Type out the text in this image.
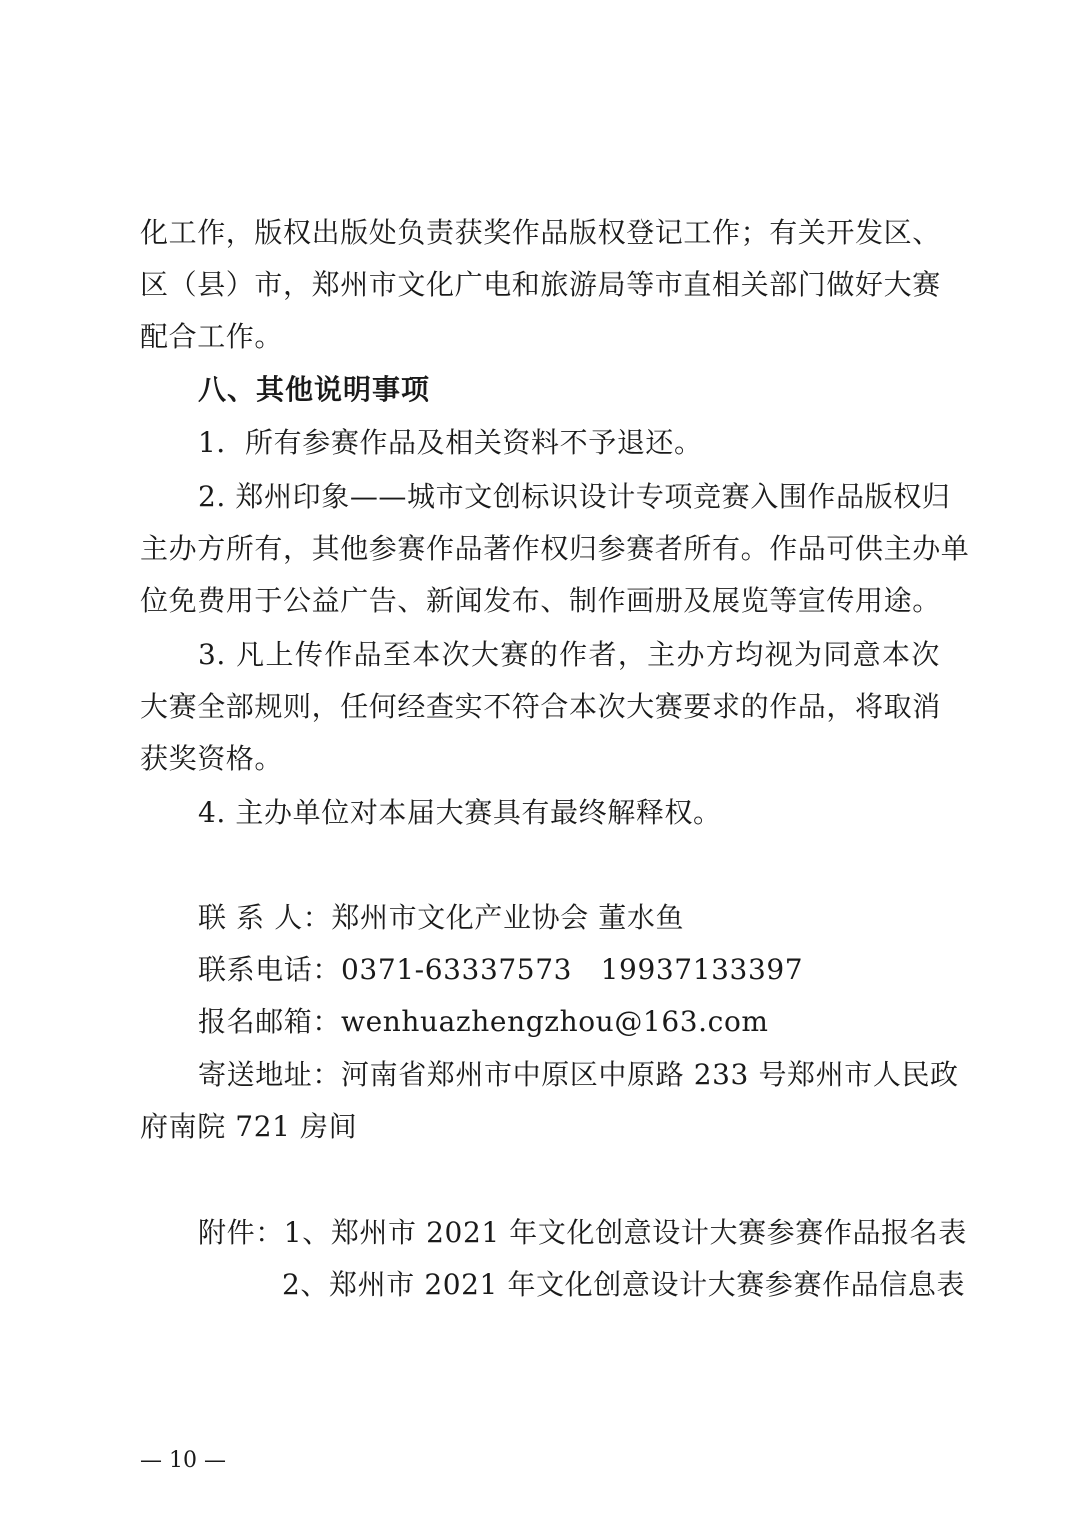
化工作，版权出版处负责获奖作品版权登记工作；有关开发区、
区（县）市，郑州市文化广电和旅游局等市直相关部门做好大赛
配合工作。
八、其他说明事项
1．所有参赛作品及相关资料不予退还。
2. 郑州印象——城市文创标识设计专项竞赛入围作品版权归
主办方所有，其他参赛作品著作权归参赛者所有。作品可供主办单
位免费用于公益广告、新闻发布、制作画册及展览等宣传用途。
3. 凡上传作品至本次大赛的作者，主办方均视为同意本次
大赛全部规则，任何经查实不符合本次大赛要求的作品，将取消
获奖资格。
4. 主办单位对本届大赛具有最终解释权。
联 系 人：郑州市文化产业协会 董水鱼
联系电话：0371-63337573　19937133397
报名邮箱：wenhuazhengzhou@163.com
寄送地址：河南省郑州市中原区中原路 233 号郑州市人民政
府南院 721 房间
附件：1、郑州市 2021 年文化创意设计大赛参赛作品报名表
2、郑州市 2021 年文化创意设计大赛参赛作品信息表
— 10 —
